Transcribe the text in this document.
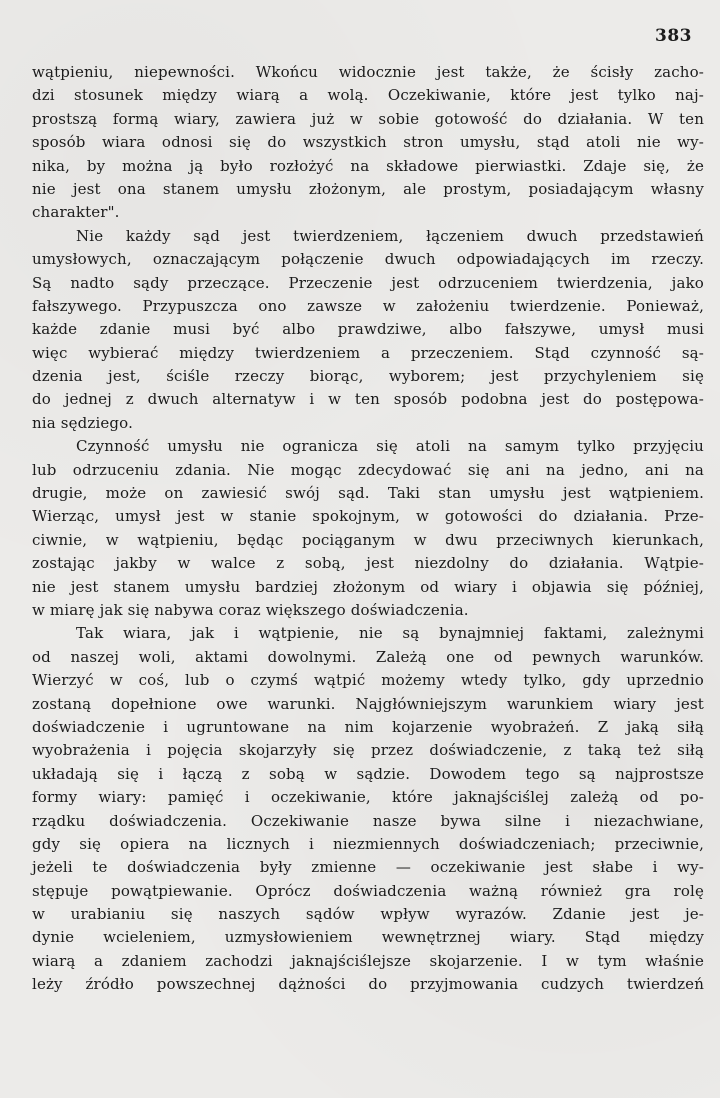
383
wątpieniu, niepewności. Wkońcu widocznie jest także, że ścisły zacho-
dzi stosunek między wiarą a wolą. Oczekiwanie, które jest tylko naj-
prostszą formą wiary, zawiera już w sobie gotowość do działania. W ten
sposób wiara odnosi się do wszystkich stron umysłu, stąd atoli nie wy-
nika, by można ją było rozłożyć na składowe pierwiastki. Zdaje się, że
nie jest ona stanem umysłu złożonym, ale prostym, posiadającym własny
charakter".
Nie każdy sąd jest twierdzeniem, łączeniem dwuch przedstawień
umysłowych, oznaczającym połączenie dwuch odpowiadających im rzeczy.
Są nadto sądy przeczące. Przeczenie jest odrzuceniem twierdzenia, jako
fałszywego. Przypuszcza ono zawsze w założeniu twierdzenie. Ponieważ,
każde zdanie musi być albo prawdziwe, albo fałszywe, umysł musi
więc wybierać między twierdzeniem a przeczeniem. Stąd czynność są-
dzenia jest, ściśle rzeczy biorąc, wyborem; jest przychyleniem się
do jednej z dwuch alternatyw i w ten sposób podobna jest do postępowa-
nia sędziego.
Czynność umysłu nie ogranicza się atoli na samym tylko przyjęciu
lub odrzuceniu zdania. Nie mogąc zdecydować się ani na jedno, ani na
drugie, może on zawiesić swój sąd. Taki stan umysłu jest wątpieniem.
Wierząc, umysł jest w stanie spokojnym, w gotowości do działania. Prze-
ciwnie, w wątpieniu, będąc pociąganym w dwu przeciwnych kierunkach,
zostając jakby w walce z sobą, jest niezdolny do działania. Wątpie-
nie jest stanem umysłu bardziej złożonym od wiary i objawia się później,
w miarę jak się nabywa coraz większego doświadczenia.
Tak wiara, jak i wątpienie, nie są bynajmniej faktami, zależnymi
od naszej woli, aktami dowolnymi. Zależą one od pewnych warunków.
Wierzyć w coś, lub o czymś wątpić możemy wtedy tylko, gdy uprzednio
zostaną dopełnione owe warunki. Najgłówniejszym warunkiem wiary jest
doświadczenie i ugruntowane na nim kojarzenie wyobrażeń. Z jaką siłą
wyobrażenia i pojęcia skojarzyły się przez doświadczenie, z taką też siłą
układają się i łączą z sobą w sądzie. Dowodem tego są najprostsze
formy wiary: pamięć i oczekiwanie, które jaknajściślej zależą od po-
rządku doświadczenia. Oczekiwanie nasze bywa silne i niezachwiane,
gdy się opiera na licznych i niezmiennych doświadczeniach; przeciwnie,
jeżeli te doświadczenia były zmienne — oczekiwanie jest słabe i wy-
stępuje powątpiewanie. Oprócz doświadczenia ważną również gra rolę
w urabianiu się naszych sądów wpływ wyrazów. Zdanie jest je-
dynie wcieleniem, uzmysłowieniem wewnętrznej wiary. Stąd między
wiarą a zdaniem zachodzi jaknajściślejsze skojarzenie. I w tym właśnie
leży źródło powszechnej dążności do przyjmowania cudzych twierdzeń
